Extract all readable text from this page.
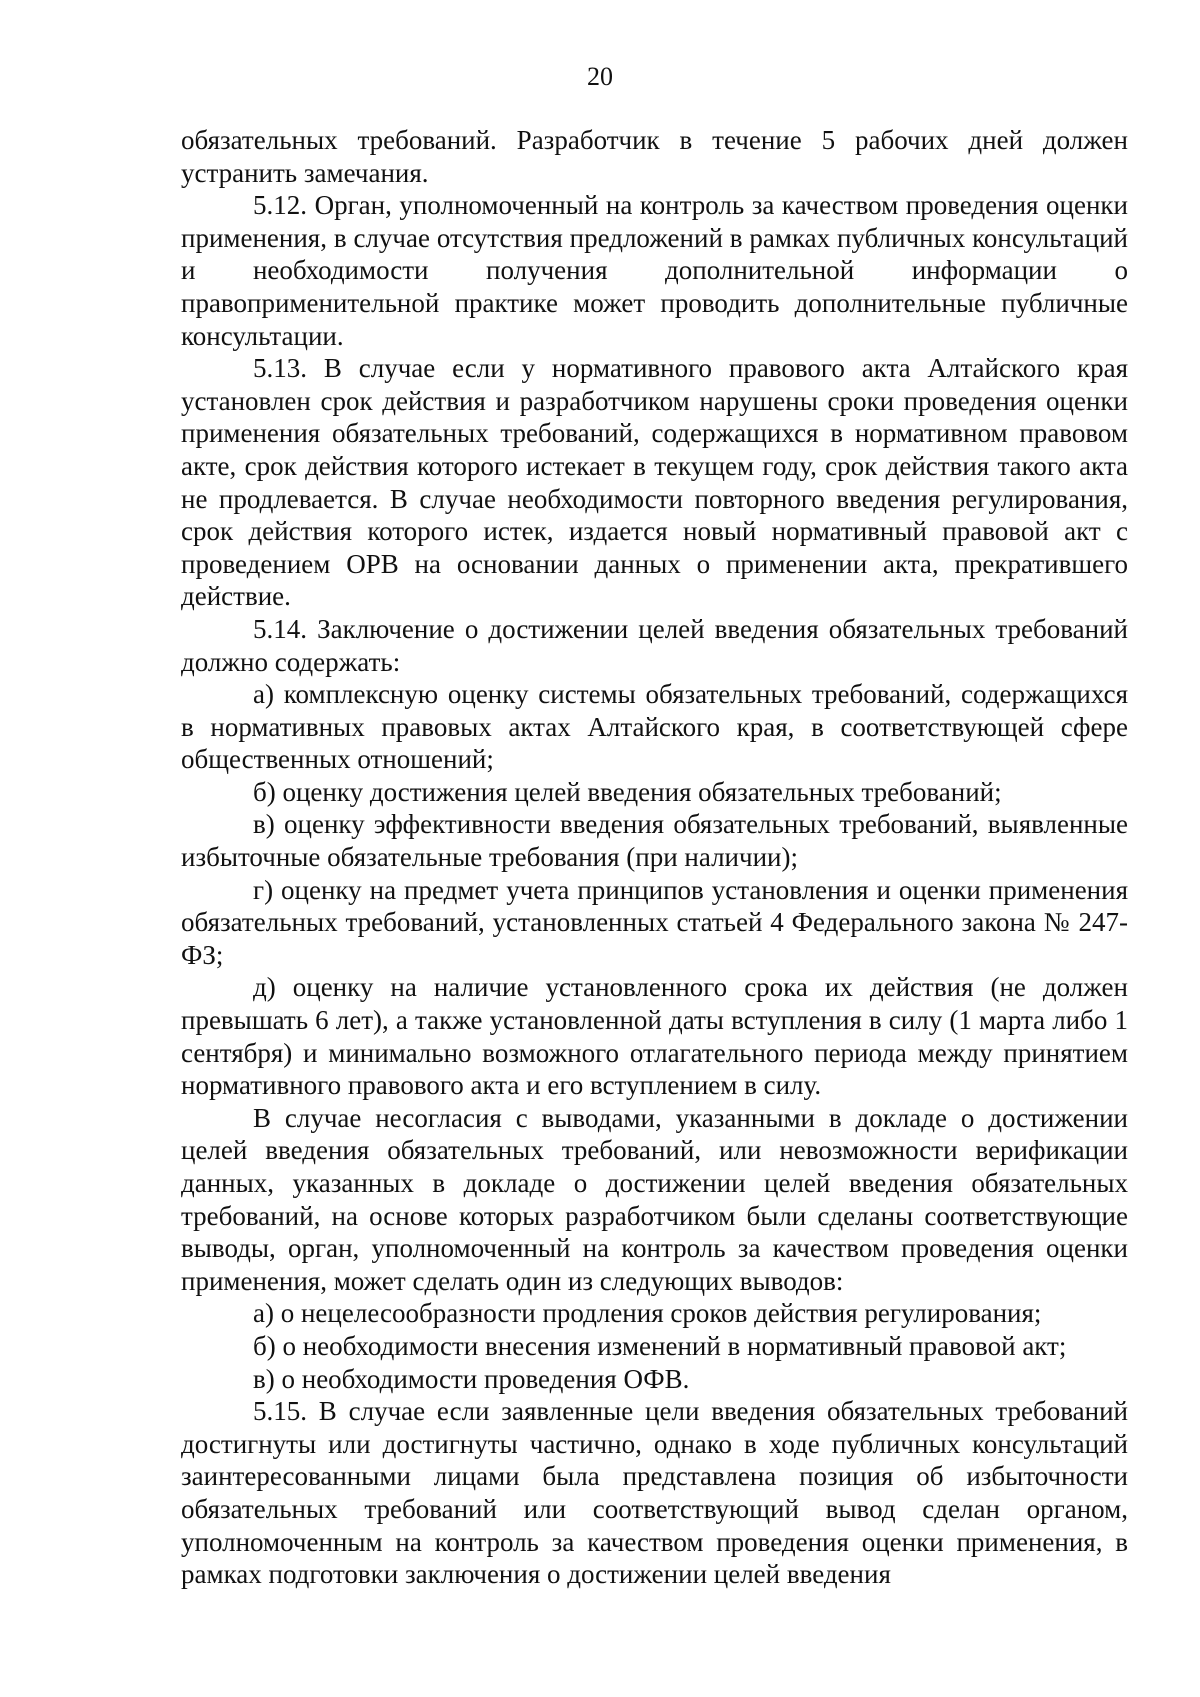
20

обязательных требований. Разработчик в течение 5 рабочих дней должен устранить замечания.

5.12. Орган, уполномоченный на контроль за качеством проведения оценки применения, в случае отсутствия предложений в рамках публичных консультаций и необходимости получения дополнительной информации о правоприменительной практике может проводить дополнительные публичные консультации.

5.13. В случае если у нормативного правового акта Алтайского края установлен срок действия и разработчиком нарушены сроки проведения оценки применения обязательных требований, содержащихся в нормативном правовом акте, срок действия которого истекает в текущем году, срок действия такого акта не продлевается. В случае необходимости повторного введения регулирования, срок действия которого истек, издается новый нормативный правовой акт с проведением ОРВ на основании данных о применении акта, прекратившего действие.

5.14. Заключение о достижении целей введения обязательных требований должно содержать:

а) комплексную оценку системы обязательных требований, содержащихся в нормативных правовых актах Алтайского края, в соответствующей сфере общественных отношений;

б) оценку достижения целей введения обязательных требований;

в) оценку эффективности введения обязательных требований, выявленные избыточные обязательные требования (при наличии);

г) оценку на предмет учета принципов установления и оценки применения обязательных требований, установленных статьей 4 Федерального закона № 247-ФЗ;

д) оценку на наличие установленного срока их действия (не должен превышать 6 лет), а также установленной даты вступления в силу (1 марта либо 1 сентября) и минимально возможного отлагательного периода между принятием нормативного правового акта и его вступлением в силу.

В случае несогласия с выводами, указанными в докладе о достижении целей введения обязательных требований, или невозможности верификации данных, указанных в докладе о достижении целей введения обязательных требований, на основе которых разработчиком были сделаны соответствующие выводы, орган, уполномоченный на контроль за качеством проведения оценки применения, может сделать один из следующих выводов:

а) о нецелесообразности продления сроков действия регулирования;

б) о необходимости внесения изменений в нормативный правовой акт;

в) о необходимости проведения ОФВ.

5.15. В случае если заявленные цели введения обязательных требований достигнуты или достигнуты частично, однако в ходе публичных консультаций заинтересованными лицами была представлена позиция об избыточности обязательных требований или соответствующий вывод сделан органом, уполномоченным на контроль за качеством проведения оценки применения, в рамках подготовки заключения о достижении целей введения
